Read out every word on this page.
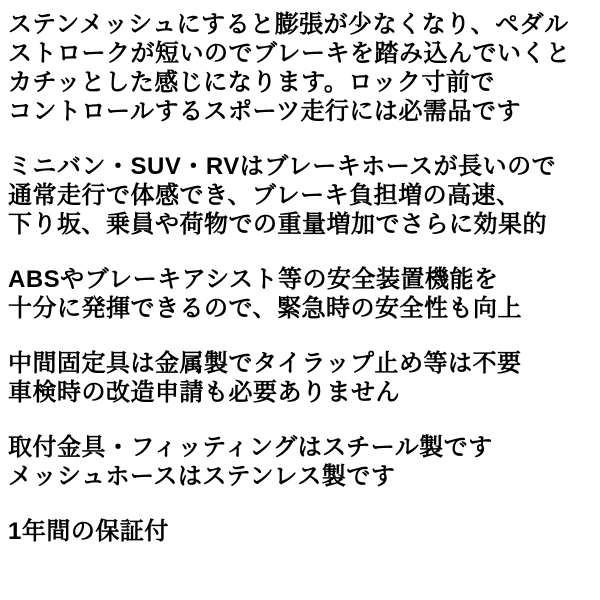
ステンメッシュにすると膨張が少なくなり、ペダル
ストロークが短いのでブレーキを踏み込んでいくと
カチッとした感じになります。ロック寸前で
コントロールするスポーツ走行には必需品です
ミニバン・SUV・RVはブレーキホースが長いので
通常走行で体感でき、ブレーキ負担増の高速、
下り坂、乗員や荷物での重量増加でさらに効果的
ABSやブレーキアシスト等の安全装置機能を
十分に発揮できるので、緊急時の安全性も向上
中間固定具は金属製でタイラップ止め等は不要
車検時の改造申請も必要ありません
取付金具・フィッティングはスチール製です
メッシュホースはステンレス製です
1年間の保証付
